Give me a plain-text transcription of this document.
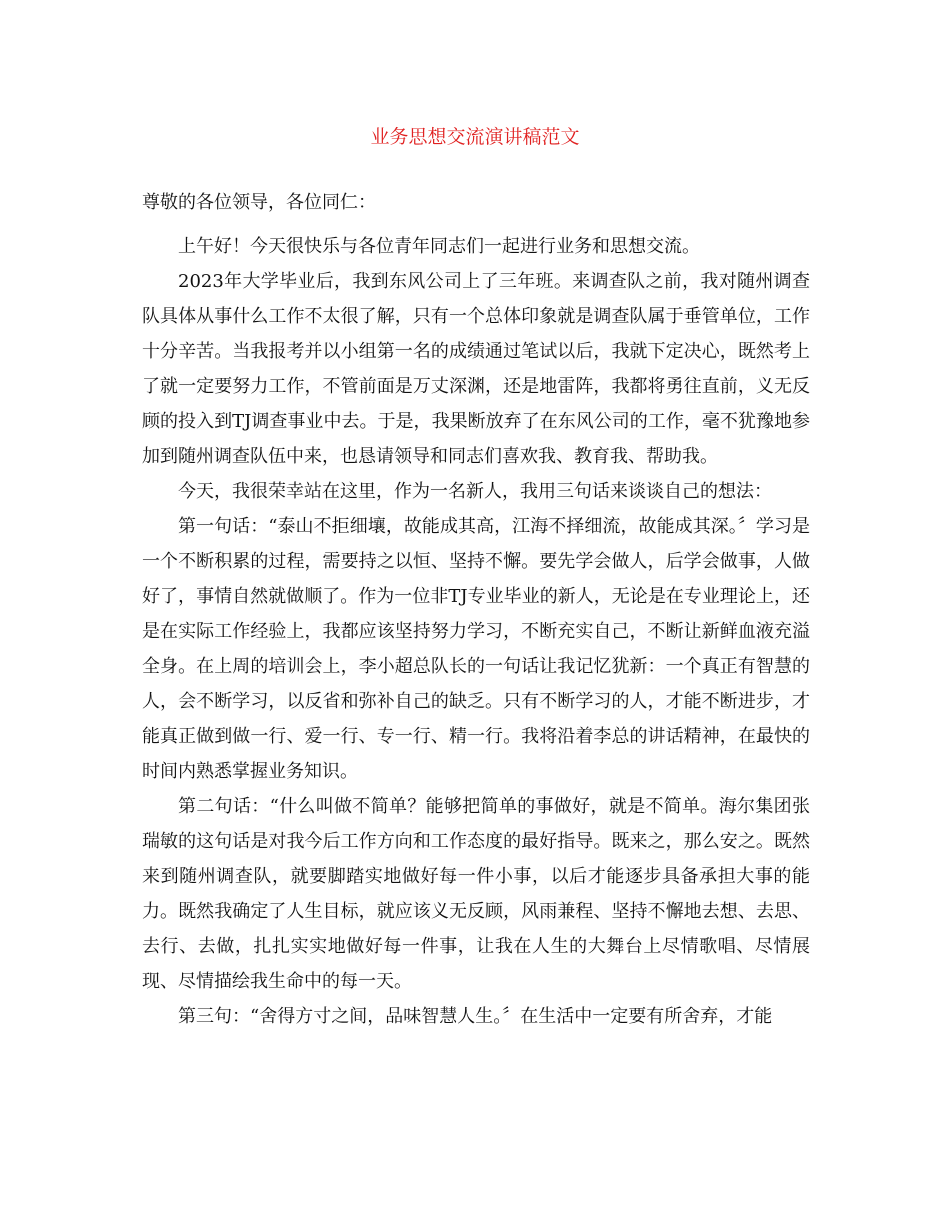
业务思想交流演讲稿范文

尊敬的各位领导，各位同仁：

上午好！今天很快乐与各位青年同志们一起进行业务和思想交流。

2023年大学毕业后，我到东风公司上了三年班。来调查队之前，我对随州调查队具体从事什么工作不太很了解，只有一个总体印象就是调查队属于垂管单位，工作十分辛苦。当我报考并以小组第一名的成绩通过笔试以后，我就下定决心，既然考上了就一定要努力工作，不管前面是万丈深渊，还是地雷阵，我都将勇往直前，义无反顾的投入到TJ调查事业中去。于是，我果断放弃了在东风公司的工作，毫不犹豫地参加到随州调查队伍中来，也恳请领导和同志们喜欢我、教育我、帮助我。

今天，我很荣幸站在这里，作为一名新人，我用三句话来谈谈自己的想法：

第一句话：“泰山不拒细壤，故能成其高，江海不择细流，故能成其深。〞学习是一个不断积累的过程，需要持之以恒、坚持不懈。要先学会做人，后学会做事，人做好了，事情自然就做顺了。作为一位非TJ专业毕业的新人，无论是在专业理论上，还是在实际工作经验上，我都应该坚持努力学习，不断充实自己，不断让新鲜血液充溢全身。在上周的培训会上，李小超总队长的一句话让我记忆犹新：一个真正有智慧的人，会不断学习，以反省和弥补自己的缺乏。只有不断学习的人，才能不断进步，才能真正做到做一行、爱一行、专一行、精一行。我将沿着李总的讲话精神，在最快的时间内熟悉掌握业务知识。

第二句话：“什么叫做不简单？能够把简单的事做好，就是不简单。海尔集团张瑞敏的这句话是对我今后工作方向和工作态度的最好指导。既来之，那么安之。既然来到随州调查队，就要脚踏实地做好每一件小事，以后才能逐步具备承担大事的能力。既然我确定了人生目标，就应该义无反顾，风雨兼程、坚持不懈地去想、去思、去行、去做，扎扎实实地做好每一件事，让我在人生的大舞台上尽情歌唱、尽情展现、尽情描绘我生命中的每一天。

第三句：“舍得方寸之间，品味智慧人生。〞在生活中一定要有所舍弃，才能
